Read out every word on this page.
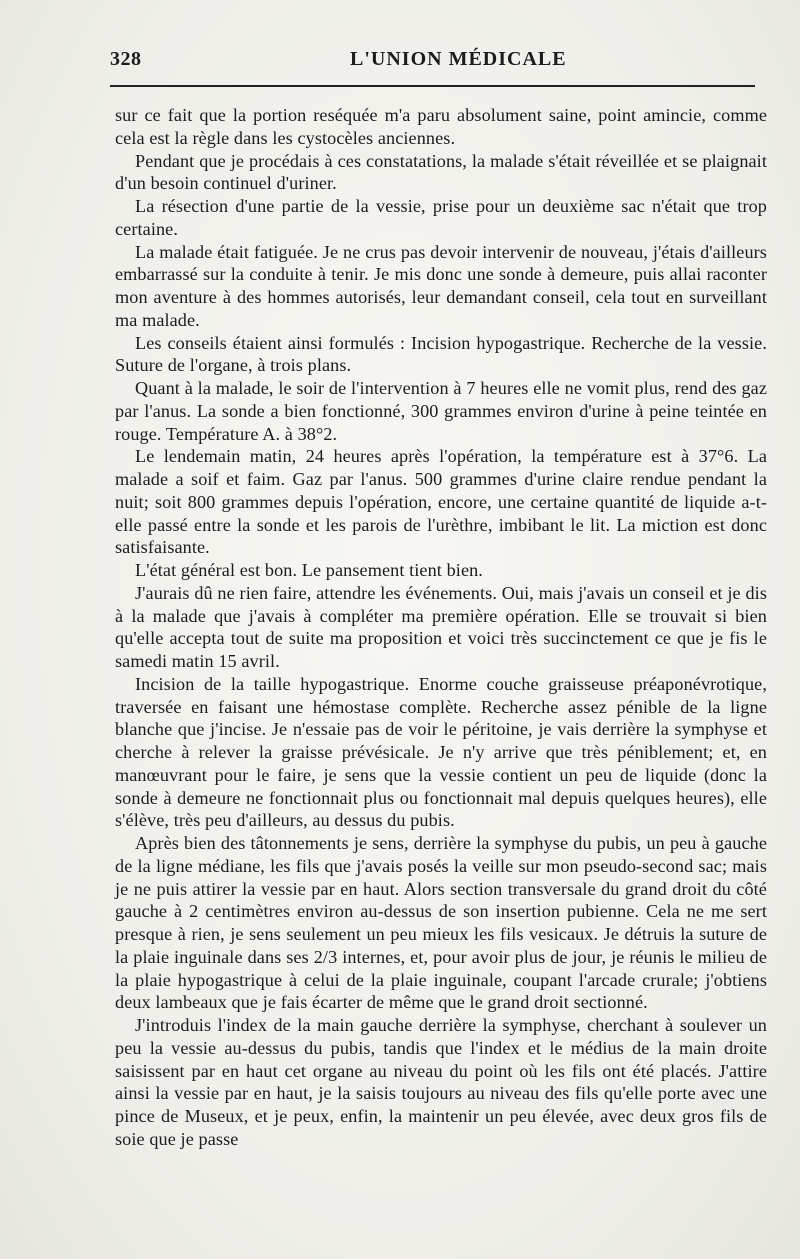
328	L'UNION MÉDICALE

sur ce fait que la portion reséquée m'a paru absolument saine, point amincie, comme cela est la règle dans les cystocèles anciennes.

Pendant que je procédais à ces constatations, la malade s'était réveillée et se plaignait d'un besoin continuel d'uriner.

La résection d'une partie de la vessie, prise pour un deuxième sac n'était que trop certaine.

La malade était fatiguée. Je ne crus pas devoir intervenir de nouveau, j'étais d'ailleurs embarrassé sur la conduite à tenir. Je mis donc une sonde à demeure, puis allai raconter mon aventure à des hommes autorisés, leur demandant conseil, cela tout en surveillant ma malade.

Les conseils étaient ainsi formulés : Incision hypogastrique. Recherche de la vessie. Suture de l'organe, à trois plans.

Quant à la malade, le soir de l'intervention à 7 heures elle ne vomit plus, rend des gaz par l'anus. La sonde a bien fonctionné, 300 grammes environ d'urine à peine teintée en rouge. Température A. à 38°2.

Le lendemain matin, 24 heures après l'opération, la température est à 37°6. La malade a soif et faim. Gaz par l'anus. 500 grammes d'urine claire rendue pendant la nuit; soit 800 grammes depuis l'opération, encore, une certaine quantité de liquide a-t-elle passé entre la sonde et les parois de l'urèthre, imbibant le lit. La miction est donc satisfaisante.

L'état général est bon. Le pansement tient bien.

J'aurais dû ne rien faire, attendre les événements. Oui, mais j'avais un conseil et je dis à la malade que j'avais à compléter ma première opération. Elle se trouvait si bien qu'elle accepta tout de suite ma proposition et voici très succinctement ce que je fis le samedi matin 15 avril.

Incision de la taille hypogastrique. Enorme couche graisseuse préaponévrotique, traversée en faisant une hémostase complète. Recherche assez pénible de la ligne blanche que j'incise. Je n'essaie pas de voir le péritoine, je vais derrière la symphyse et cherche à relever la graisse prévésicale. Je n'y arrive que très péniblement; et, en manœuvrant pour le faire, je sens que la vessie contient un peu de liquide (donc la sonde à demeure ne fonctionnait plus ou fonctionnait mal depuis quelques heures), elle s'élève, très peu d'ailleurs, au dessus du pubis.

Après bien des tâtonnements je sens, derrière la symphyse du pubis, un peu à gauche de la ligne médiane, les fils que j'avais posés la veille sur mon pseudo-second sac; mais je ne puis attirer la vessie par en haut. Alors section transversale du grand droit du côté gauche à 2 centimètres environ au-dessus de son insertion pubienne. Cela ne me sert presque à rien, je sens seulement un peu mieux les fils vesicaux. Je détruis la suture de la plaie inguinale dans ses 2/3 internes, et, pour avoir plus de jour, je réunis le milieu de la plaie hypogastrique à celui de la plaie inguinale, coupant l'arcade crurale; j'obtiens deux lambeaux que je fais écarter de même que le grand droit sectionné.

J'introduis l'index de la main gauche derrière la symphyse, cherchant à soulever un peu la vessie au-dessus du pubis, tandis que l'index et le médius de la main droite saisissent par en haut cet organe au niveau du point où les fils ont été placés. J'attire ainsi la vessie par en haut, je la saisis toujours au niveau des fils qu'elle porte avec une pince de Museux, et je peux, enfin, la maintenir un peu élevée, avec deux gros fils de soie que je passe
